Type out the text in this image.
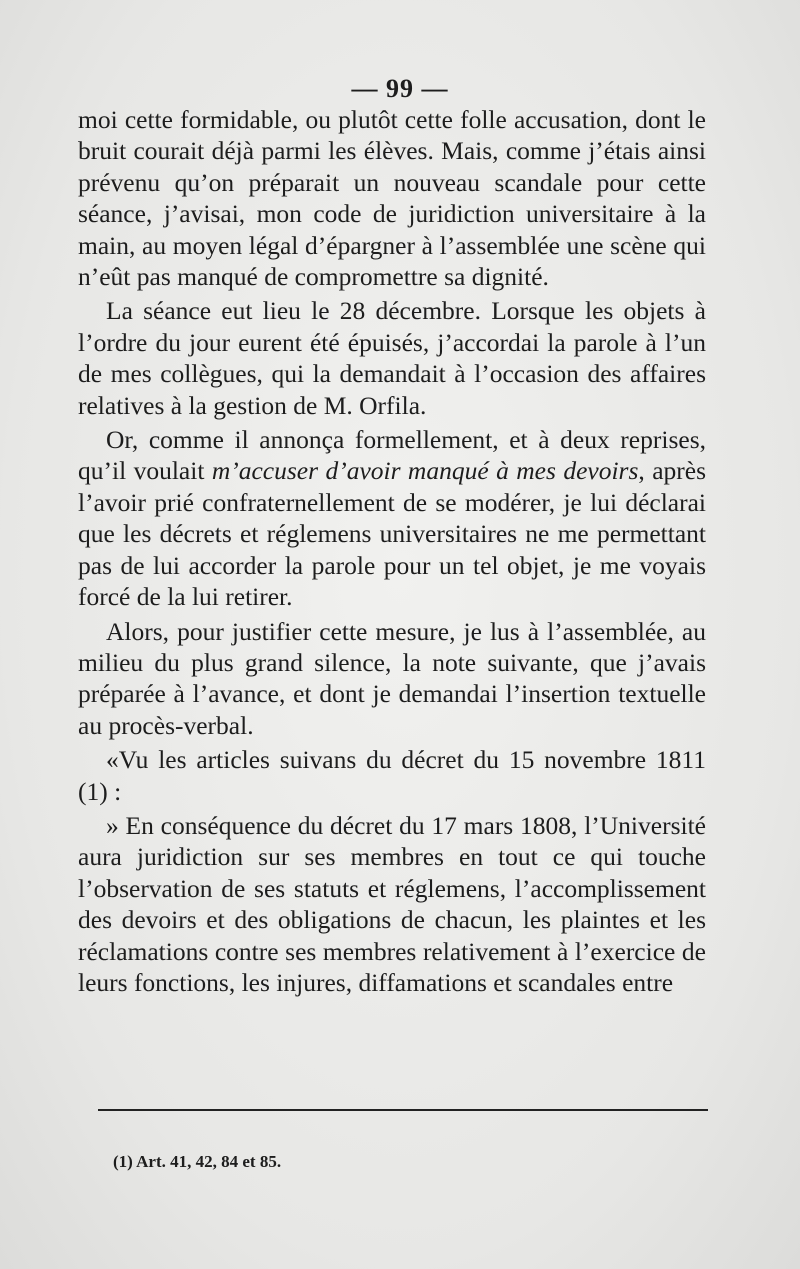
— 99 —

moi cette formidable, ou plutôt cette folle accusation, dont le bruit courait déjà parmi les élèves. Mais, comme j’étais ainsi prévenu qu’on préparait un nouveau scandale pour cette séance, j’avisai, mon code de juridiction universitaire à la main, au moyen légal d’épargner à l’assemblée une scène qui n’eût pas manqué de compromettre sa dignité.

La séance eut lieu le 28 décembre. Lorsque les objets à l’ordre du jour eurent été épuisés, j’accordai la parole à l’un de mes collègues, qui la demandait à l’occasion des affaires relatives à la gestion de M. Orfila.

Or, comme il annonça formellement, et à deux reprises, qu’il voulait m’accuser d’avoir manqué à mes devoirs, après l’avoir prié confraternellement de se modérer, je lui déclarai que les décrets et réglemens universitaires ne me permettant pas de lui accorder la parole pour un tel objet, je me voyais forcé de la lui retirer.

Alors, pour justifier cette mesure, je lus à l’assemblée, au milieu du plus grand silence, la note suivante, que j’avais préparée à l’avance, et dont je demandai l’insertion textuelle au procès-verbal.

«Vu les articles suivans du décret du 15 novembre 1811 (1) :

» En conséquence du décret du 17 mars 1808, l’Université aura juridiction sur ses membres en tout ce qui touche l’observation de ses statuts et réglemens, l’accomplissement des devoirs et des obligations de chacun, les plaintes et les réclamations contre ses membres relativement à l’exercice de leurs fonctions, les injures, diffamations et scandales entre

(1) Art. 41, 42, 84 et 85.
